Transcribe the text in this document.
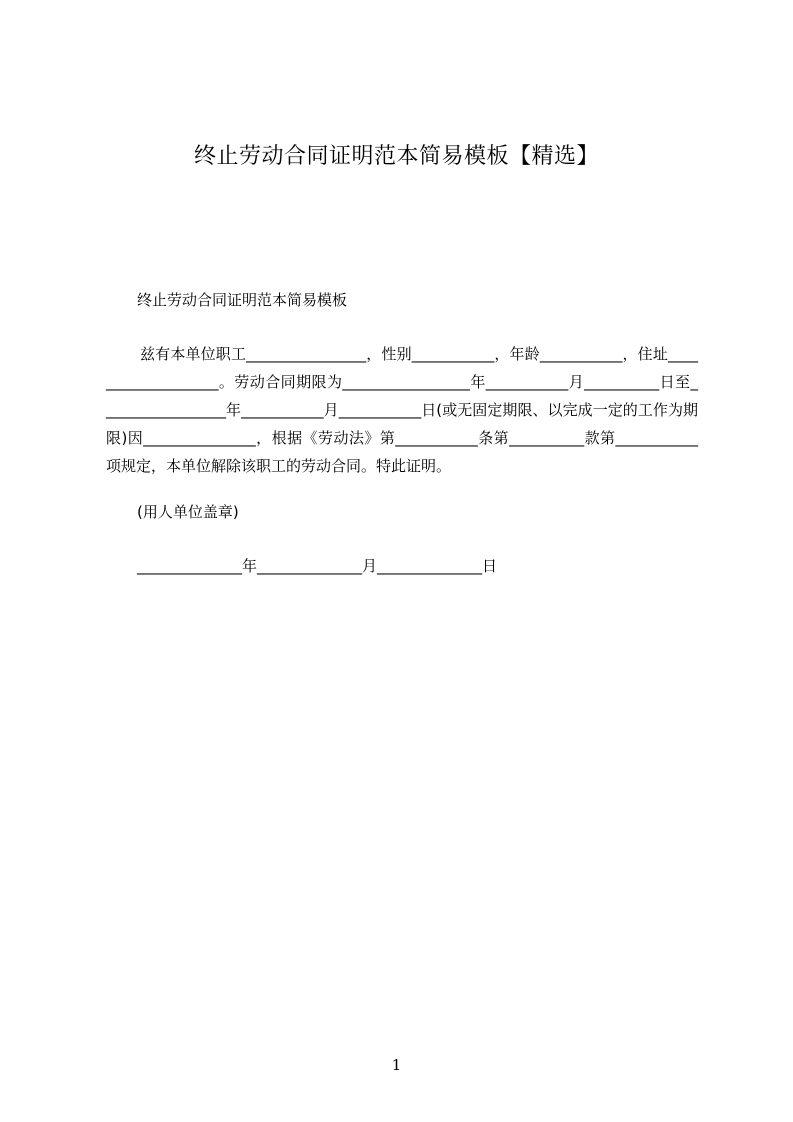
终止劳动合同证明范本简易模板【精选】
终止劳动合同证明范本简易模板
兹有本单位职工________________，性别___________，年龄___________，住址___________________。劳动合同期限为_________________年___________月__________日至_________________年___________月___________日(或无固定期限、以完成一定的工作为期限)因_______________，根据《劳动法》第___________条第__________款第___________项规定，本单位解除该职工的劳动合同。特此证明。
(用人单位盖章)
______________年______________月______________日
1
